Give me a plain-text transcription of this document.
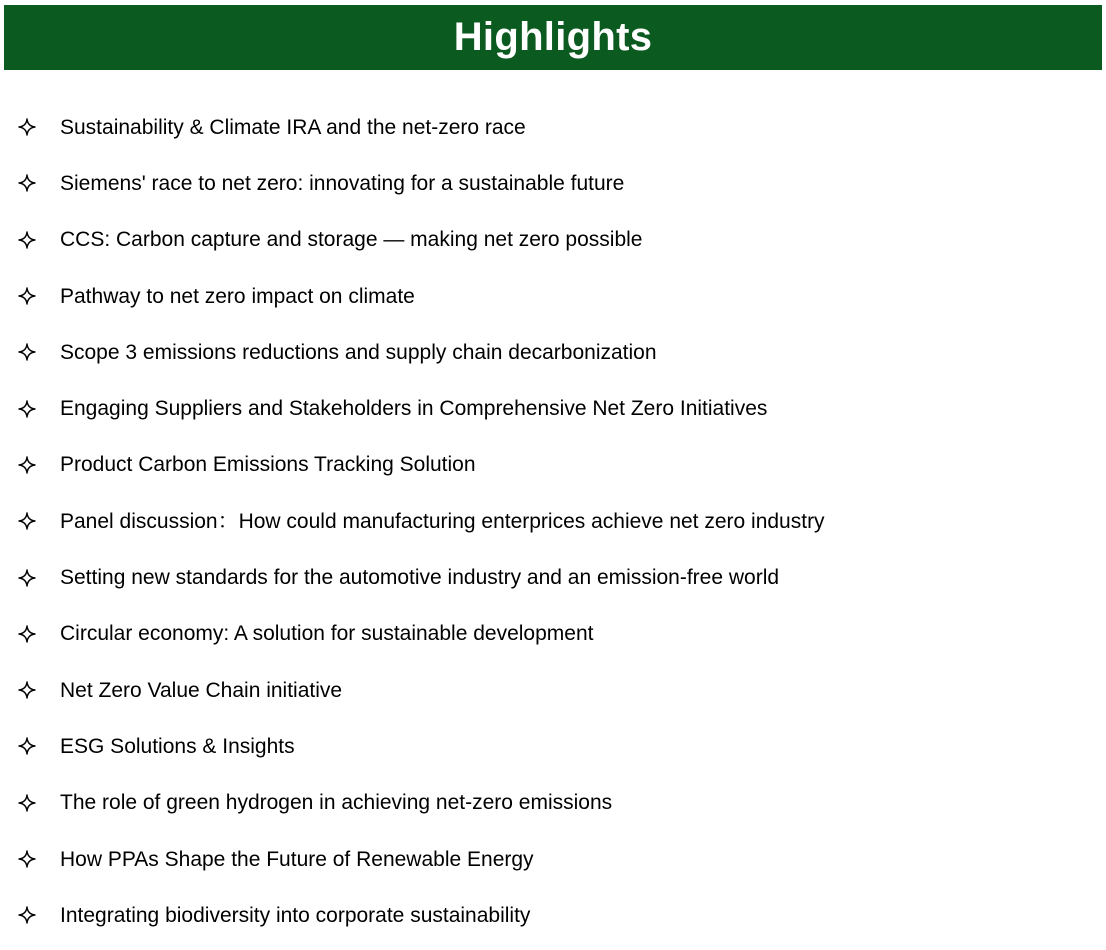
Highlights
Sustainability & Climate IRA and the net-zero race
Siemens' race to net zero: innovating for a sustainable future
CCS: Carbon capture and storage — making net zero possible
Pathway to net zero impact on climate
Scope 3 emissions reductions and supply chain decarbonization
Engaging Suppliers and Stakeholders in Comprehensive Net Zero Initiatives
Product Carbon Emissions Tracking Solution
Panel discussion：How could manufacturing enterprices achieve net zero industry
Setting new standards for the automotive industry and an emission-free world
Circular economy: A solution for sustainable development
Net Zero Value Chain initiative
ESG Solutions & Insights
The role of green hydrogen in achieving net-zero emissions
How PPAs Shape the Future of Renewable Energy
Integrating biodiversity into corporate sustainability
